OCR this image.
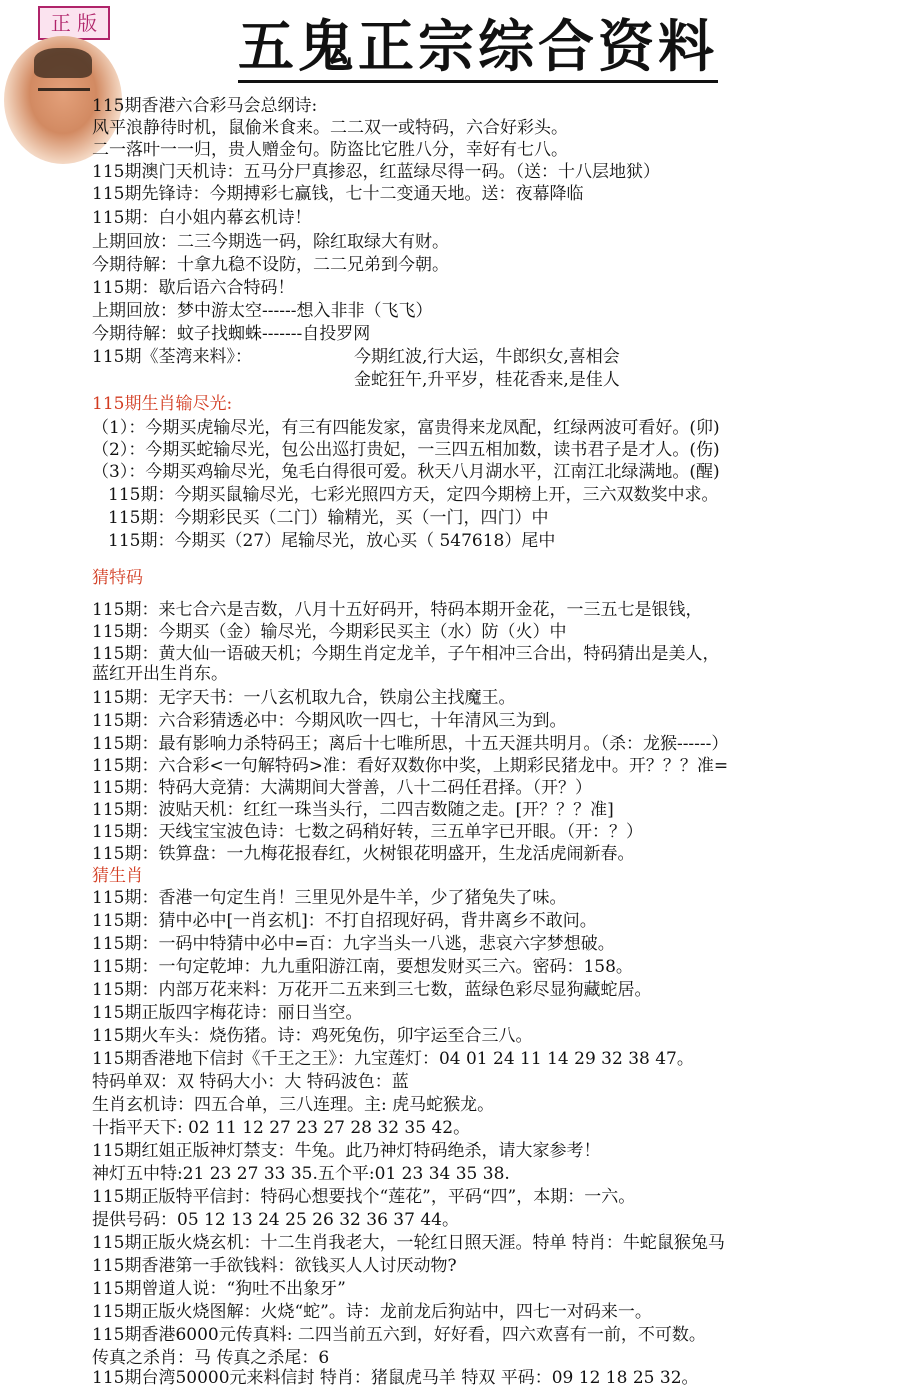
正 版	五鬼正宗综合资料
115期香港六合彩马会总纲诗:
风平浪静待时机，鼠偷米食来。二二双一或特码，六合好彩头。
二一落叶一一归，贵人赠金句。防盗比它胜八分，幸好有七八。
115期澳门天机诗：五马分尸真掺忍，红蓝绿尽得一码。（送：十八层地狱）
115期先锋诗：今期搏彩七赢钱，七十二变通天地。送：夜幕降临
115期：白小姐内幕玄机诗！
上期回放：二三今期选一码，除红取绿大有财。
今期待解：十拿九稳不设防，二二兄弟到今朝。
115期：歇后语六合特码！
上期回放：梦中游太空------想入非非（飞飞）
今期待解：蚊子找蜘蛛-------自投罗网
115期《荃湾来料》：	今期红波,行大运，牛郎织女,喜相会
金蛇狂午,升平岁，桂花香来,是佳人
115期生肖输尽光:
（1）：今期买虎输尽光，有三有四能发家，富贵得来龙凤配，红绿两波可看好。(卯)
（2）：今期买蛇输尽光，包公出巡打贵妃，一三四五相加数，读书君子是才人。(伤)
（3）：今期买鸡输尽光，兔毛白得很可爱。秋天八月湖水平，江南江北绿满地。(醒)
115期：今期买鼠输尽光，七彩光照四方天，定四今期榜上开，三六双数奖中求。
115期：今期彩民买（二门）输精光，买（一门，四门）中
115期：今期买（27）尾输尽光，放心买（ 547618）尾中
猜特码
115期：来七合六是吉数，八月十五好码开，特码本期开金花，一三五七是银钱，
115期：今期买（金）输尽光，今期彩民买主（水）防（火）中
115期：黄大仙一语破天机；今期生肖定龙羊，子午相冲三合出，特码猜出是美人，
蓝红开出生肖东。
115期：无字天书：一八玄机取九合，铁扇公主找魔王。
115期：六合彩猜透必中：今期风吹一四七，十年清风三为到。
115期：最有影响力杀特码王；离后十七唯所思，十五天涯共明月。（杀：龙猴------）
115期：六合彩<一句解特码>准：看好双数你中奖，上期彩民猪龙中。开？？？准=
115期：特码大竞猜：大满期间大誉善，八十二码任君择。（开？）
115期：波贴天机：红红一珠当头行，二四吉数随之走。[开？？？准]
115期：天线宝宝波色诗：七数之码稍好转，三五单字已开眼。（开：？）
115期：铁算盘：一九梅花报春红，火树银花明盛开，生龙活虎闹新春。
猜生肖
115期：香港一句定生肖！三里见外是牛羊，少了猪兔失了味。
115期：猜中必中[一肖玄机]：不打自招现好码，背井离乡不敢问。
115期：一码中特猜中必中=百：九字当头一八逃，悲哀六字梦想破。
115期：一句定乾坤：九九重阳游江南，要想发财买三六。密码：158。
115期：内部万花来料：万花开二五来到三七数，蓝绿色彩尽显狗藏蛇居。
115期正版四字梅花诗：丽日当空。
115期火车头：烧伤猪。诗：鸡死兔伤，卯宇运至合三八。
115期香港地下信封《千王之王》：九宝莲灯：04 01 24 11 14 29 32 38 47。
特码单双：双 特码大小：大 特码波色：蓝
生肖玄机诗：四五合单，三八连理。主: 虎马蛇猴龙。
十指平天下: 02 11 12 27 23 27 28 32 35 42。
115期红姐正版神灯禁支：牛兔。此乃神灯特码绝杀，请大家参考！
神灯五中特:21 23 27 33 35.五个平:01 23 34 35 38.
115期正版特平信封：特码心想要找个“莲花”，平码“四”，本期：一六。
提供号码：05 12 13 24 25 26 32 36 37 44。
115期正版火烧玄机：十二生肖我老大，一轮红日照天涯。特单 特肖：牛蛇鼠猴兔马
115期香港第一手欲钱料：欲钱买人人讨厌动物?
115期曾道人说：“狗吐不出象牙”
115期正版火烧图解：火烧“蛇”。诗：龙前龙后狗站中，四七一对码来一。
115期香港6000元传真料: 二四当前五六到，好好看，四六欢喜有一前，不可数。
传真之杀肖：马 传真之杀尾：6
115期台湾50000元来料信封 特肖：猪鼠虎马羊 特双 平码：09 12 18 25 32。
